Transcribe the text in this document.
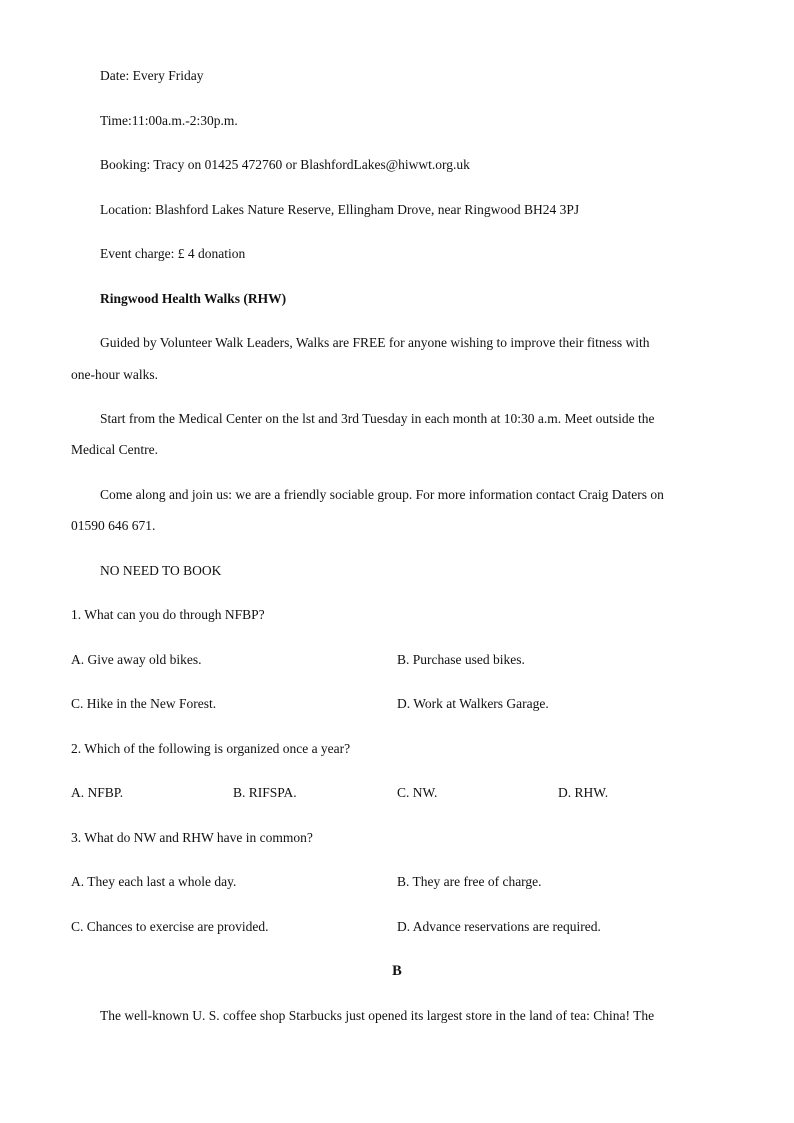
Date: Every Friday
Time:11:00a.m.-2:30p.m.
Booking: Tracy on 01425 472760 or BlashfordLakes@hiwwt.org.uk
Location: Blashford Lakes Nature Reserve, Ellingham Drove, near Ringwood BH24 3PJ
Event charge: £ 4 donation
Ringwood Health Walks (RHW)
Guided by Volunteer Walk Leaders, Walks are FREE for anyone wishing to improve their fitness with
one-hour walks.
Start from the Medical Center on the lst and 3rd Tuesday in each month at 10:30 a.m. Meet outside the
Medical Centre.
Come along and join us: we are a friendly sociable group. For more information contact Craig Daters on
01590 646 671.
NO NEED TO BOOK
1. What can you do through NFBP?
A. Give away old bikes.	B. Purchase used bikes.
C. Hike in the New Forest.	D. Work at Walkers Garage.
2. Which of the following is organized once a year?
A. NFBP.	B. RIFSPA.	C. NW.	D. RHW.
3. What do NW and RHW have in common?
A. They each last a whole day.	B. They are free of charge.
C. Chances to exercise are provided.	D. Advance reservations are required.
B
The well-known U. S. coffee shop Starbucks just opened its largest store in the land of tea: China! The
